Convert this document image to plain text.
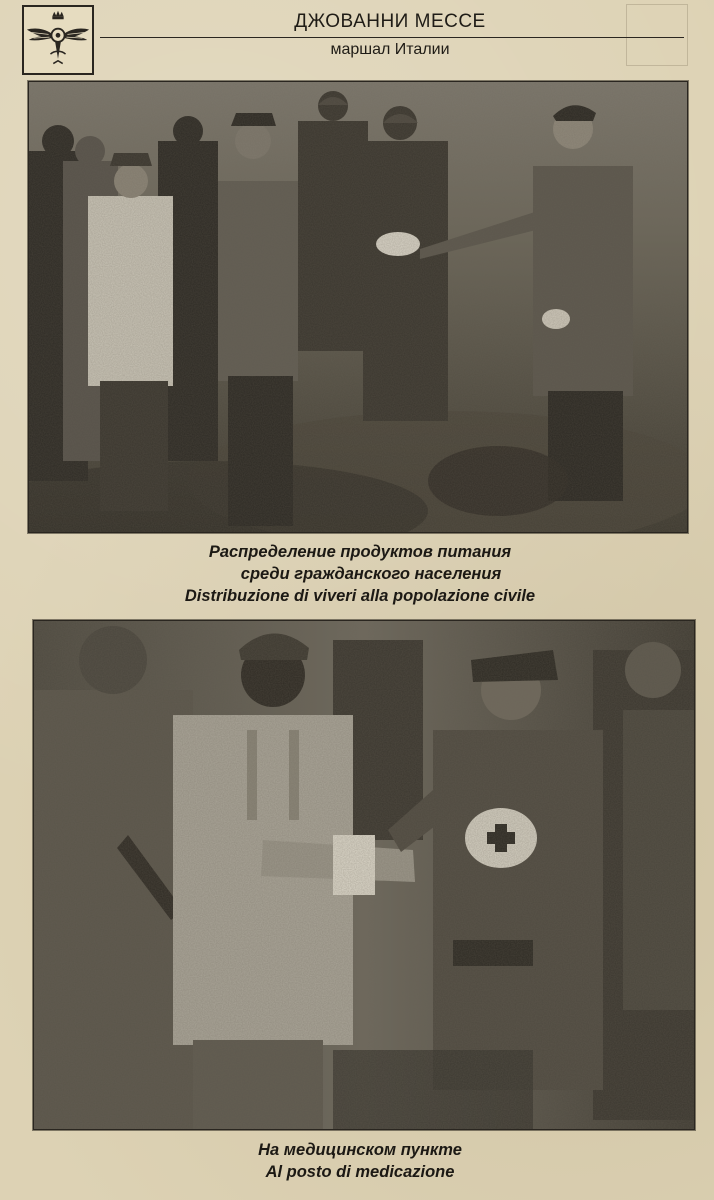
ДЖОВАННИ МЕССЕ
маршал Италии
Распределение продуктов питания
среди гражданского населения
Distribuzione di viveri alla popolazione civile
На медицинском пункте
Al posto di medicazione
